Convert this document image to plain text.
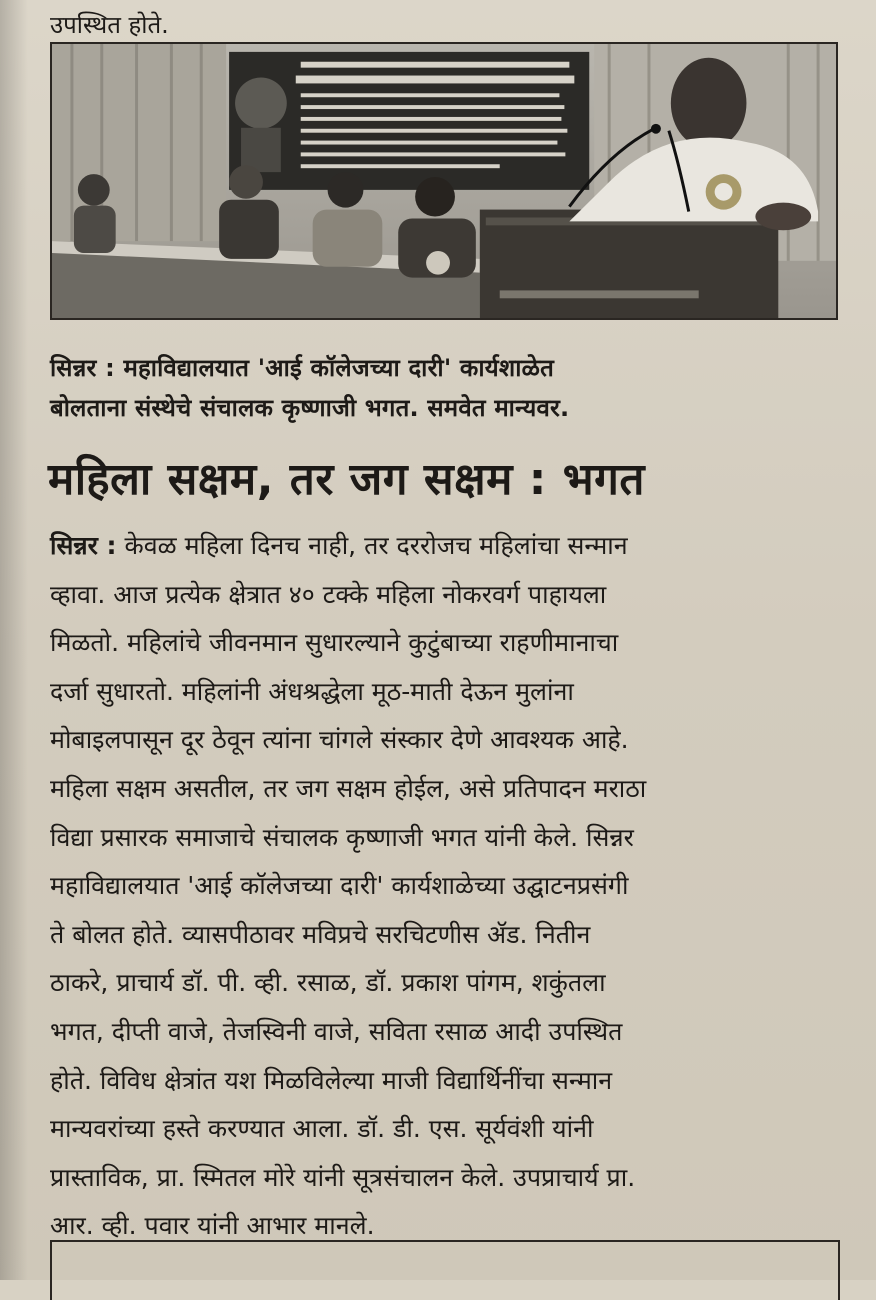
उपस्थित होते.
सिन्नर : महाविद्यालयात 'आई कॉलेजच्या दारी' कार्यशाळेत
बोलताना संस्थेचे संचालक कृष्णाजी भगत. समवेत मान्यवर.
महिला सक्षम, तर जग सक्षम : भगत
सिन्नर : केवळ महिला दिनच नाही, तर दररोजच महिलांचा सन्मान
व्हावा. आज प्रत्येक क्षेत्रात ४० टक्के महिला नोकरवर्ग पाहायला
मिळतो. महिलांचे जीवनमान सुधारल्याने कुटुंबाच्या राहणीमानाचा
दर्जा सुधारतो. महिलांनी अंधश्रद्धेला मूठ-माती देऊन मुलांना
मोबाइलपासून दूर ठेवून त्यांना चांगले संस्कार देणे आवश्यक आहे.
महिला सक्षम असतील, तर जग सक्षम होईल, असे प्रतिपादन मराठा
विद्या प्रसारक समाजाचे संचालक कृष्णाजी भगत यांनी केले. सिन्नर
महाविद्यालयात 'आई कॉलेजच्या दारी' कार्यशाळेच्या उद्घाटनप्रसंगी
ते बोलत होते. व्यासपीठावर मविप्रचे सरचिटणीस ॲड. नितीन
ठाकरे, प्राचार्य डॉ. पी. व्ही. रसाळ, डॉ. प्रकाश पांगम, शकुंतला
भगत, दीप्ती वाजे, तेजस्विनी वाजे, सविता रसाळ आदी उपस्थित
होते. विविध क्षेत्रांत यश मिळविलेल्या माजी विद्यार्थिनींचा सन्मान
मान्यवरांच्या हस्ते करण्यात आला. डॉ. डी. एस. सूर्यवंशी यांनी
प्रास्ताविक, प्रा. स्मितल मोरे यांनी सूत्रसंचालन केले. उपप्राचार्य प्रा.
आर. व्ही. पवार यांनी आभार मानले.
